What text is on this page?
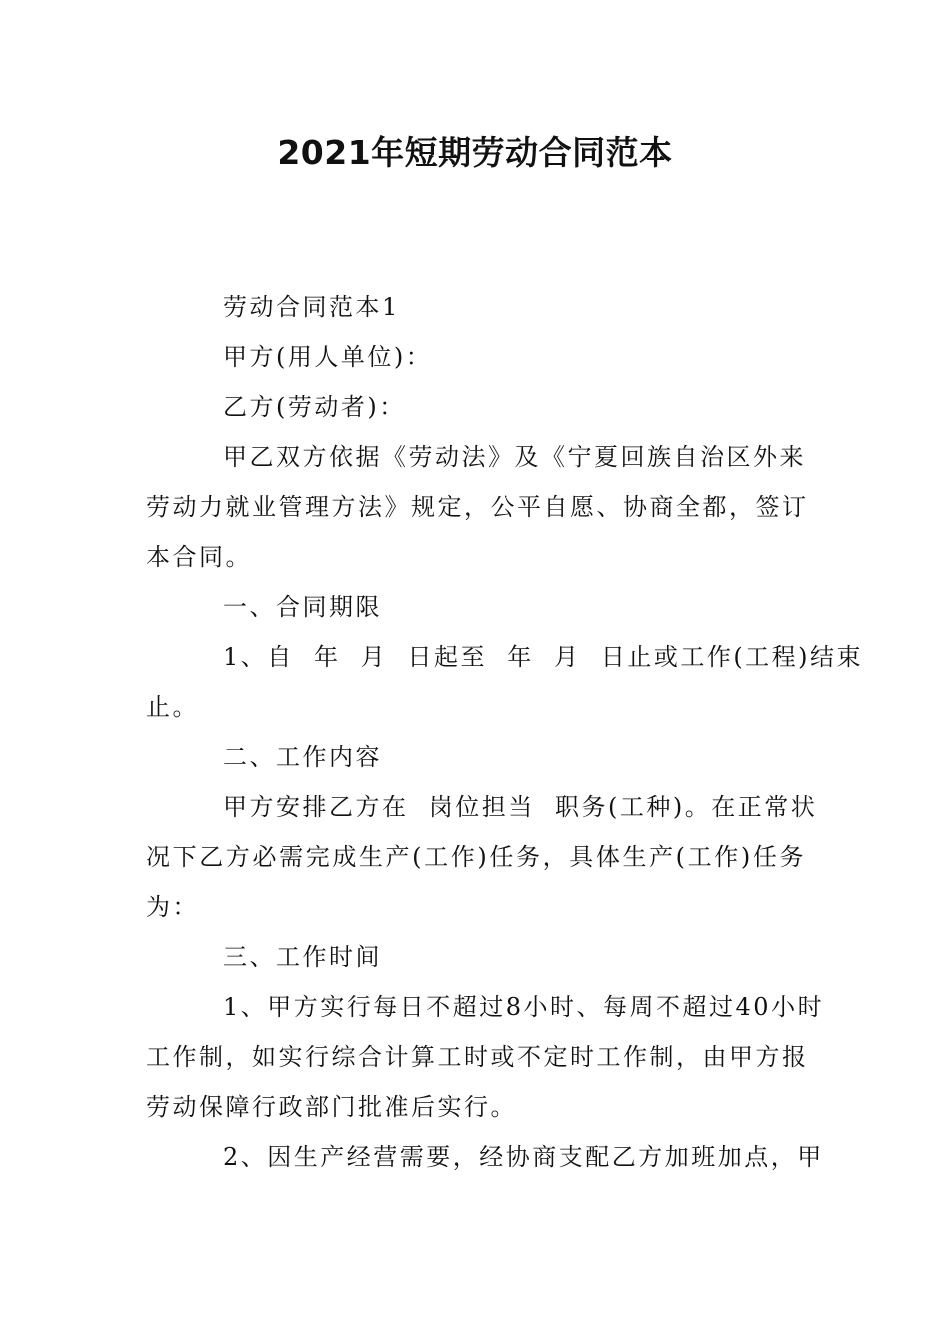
2021年短期劳动合同范本
劳动合同范本1
甲方(用人单位)：
乙方(劳动者)：
甲乙双方依据《劳动法》及《宁夏回族自治区外来
劳动力就业管理方法》规定，公平自愿、协商全都，签订
本合同。
一、合同期限
1、自  年  月  日起至  年  月  日止或工作(工程)结束
止。
二、工作内容
甲方安排乙方在  岗位担当  职务(工种)。在正常状
况下乙方必需完成生产(工作)任务，具体生产(工作)任务
为：
三、工作时间
1、甲方实行每日不超过8小时、每周不超过40小时
工作制，如实行综合计算工时或不定时工作制，由甲方报
劳动保障行政部门批准后实行。
2、因生产经营需要，经协商支配乙方加班加点，甲
